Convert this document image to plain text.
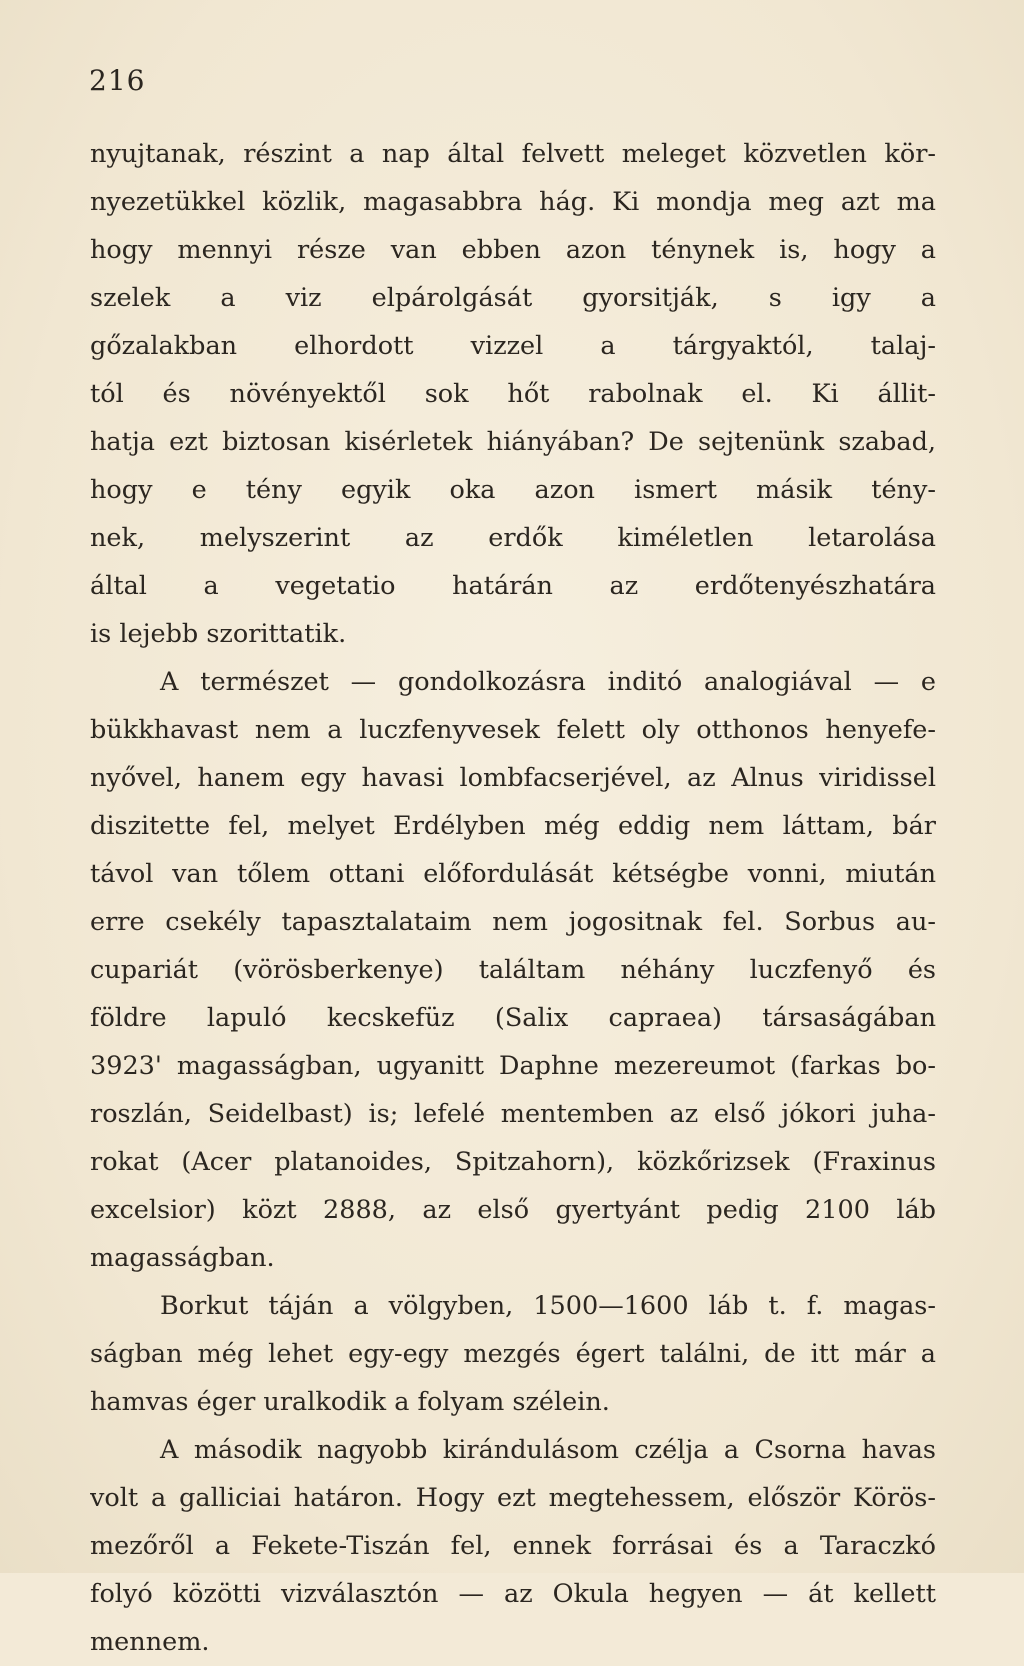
216
nyujtanak, részint a nap által felvett meleget közvetlen kör-
nyezetükkel közlik, magasabbra hág. Ki mondja meg azt ma
hogy mennyi része van ebben azon ténynek is, hogy a
szelek a viz elpárolgását gyorsitják, s igy a
gőzalakban elhordott vizzel a tárgyaktól, talaj-
tól és növényektől sok hőt rabolnak el. Ki állit-
hatja ezt biztosan kisérletek hiányában? De sejtenünk szabad,
hogy e tény egyik oka azon ismert másik tény-
nek, melyszerint az erdők kiméletlen letarolása
által a vegetatio határán az erdőtenyészhatára
is lejebb szorittatik.
A természet — gondolkozásra inditó analogiával — e
bükkhavast nem a luczfenyvesek felett oly otthonos henyefe-
nyővel, hanem egy havasi lombfacserjével, az Alnus viridissel
diszitette fel, melyet Erdélyben még eddig nem láttam, bár
távol van tőlem ottani előfordulását kétségbe vonni, miután
erre csekély tapasztalataim nem jogositnak fel. Sorbus au-
cupariát (vörösberkenye) találtam néhány luczfenyő és
földre lapuló kecskefüz (Salix capraea) társaságában
3923' magasságban, ugyanitt Daphne mezereumot (farkas bo-
roszlán, Seidelbast) is; lefelé mentemben az első jókori juha-
rokat (Acer platanoides, Spitzahorn), közkőrizsek (Fraxinus
excelsior) közt 2888, az első gyertyánt pedig 2100 láb
magasságban.
Borkut táján a völgyben, 1500—1600 láb t. f. magas-
ságban még lehet egy-egy mezgés égert találni, de itt már a
hamvas éger uralkodik a folyam szélein.
A második nagyobb kirándulásom czélja a Csorna havas
volt a galliciai határon. Hogy ezt megtehessem, először Körös-
mezőről a Fekete-Tiszán fel, ennek forrásai és a Taraczkó
folyó közötti vizválasztón — az Okula hegyen — át kellett
mennem.
